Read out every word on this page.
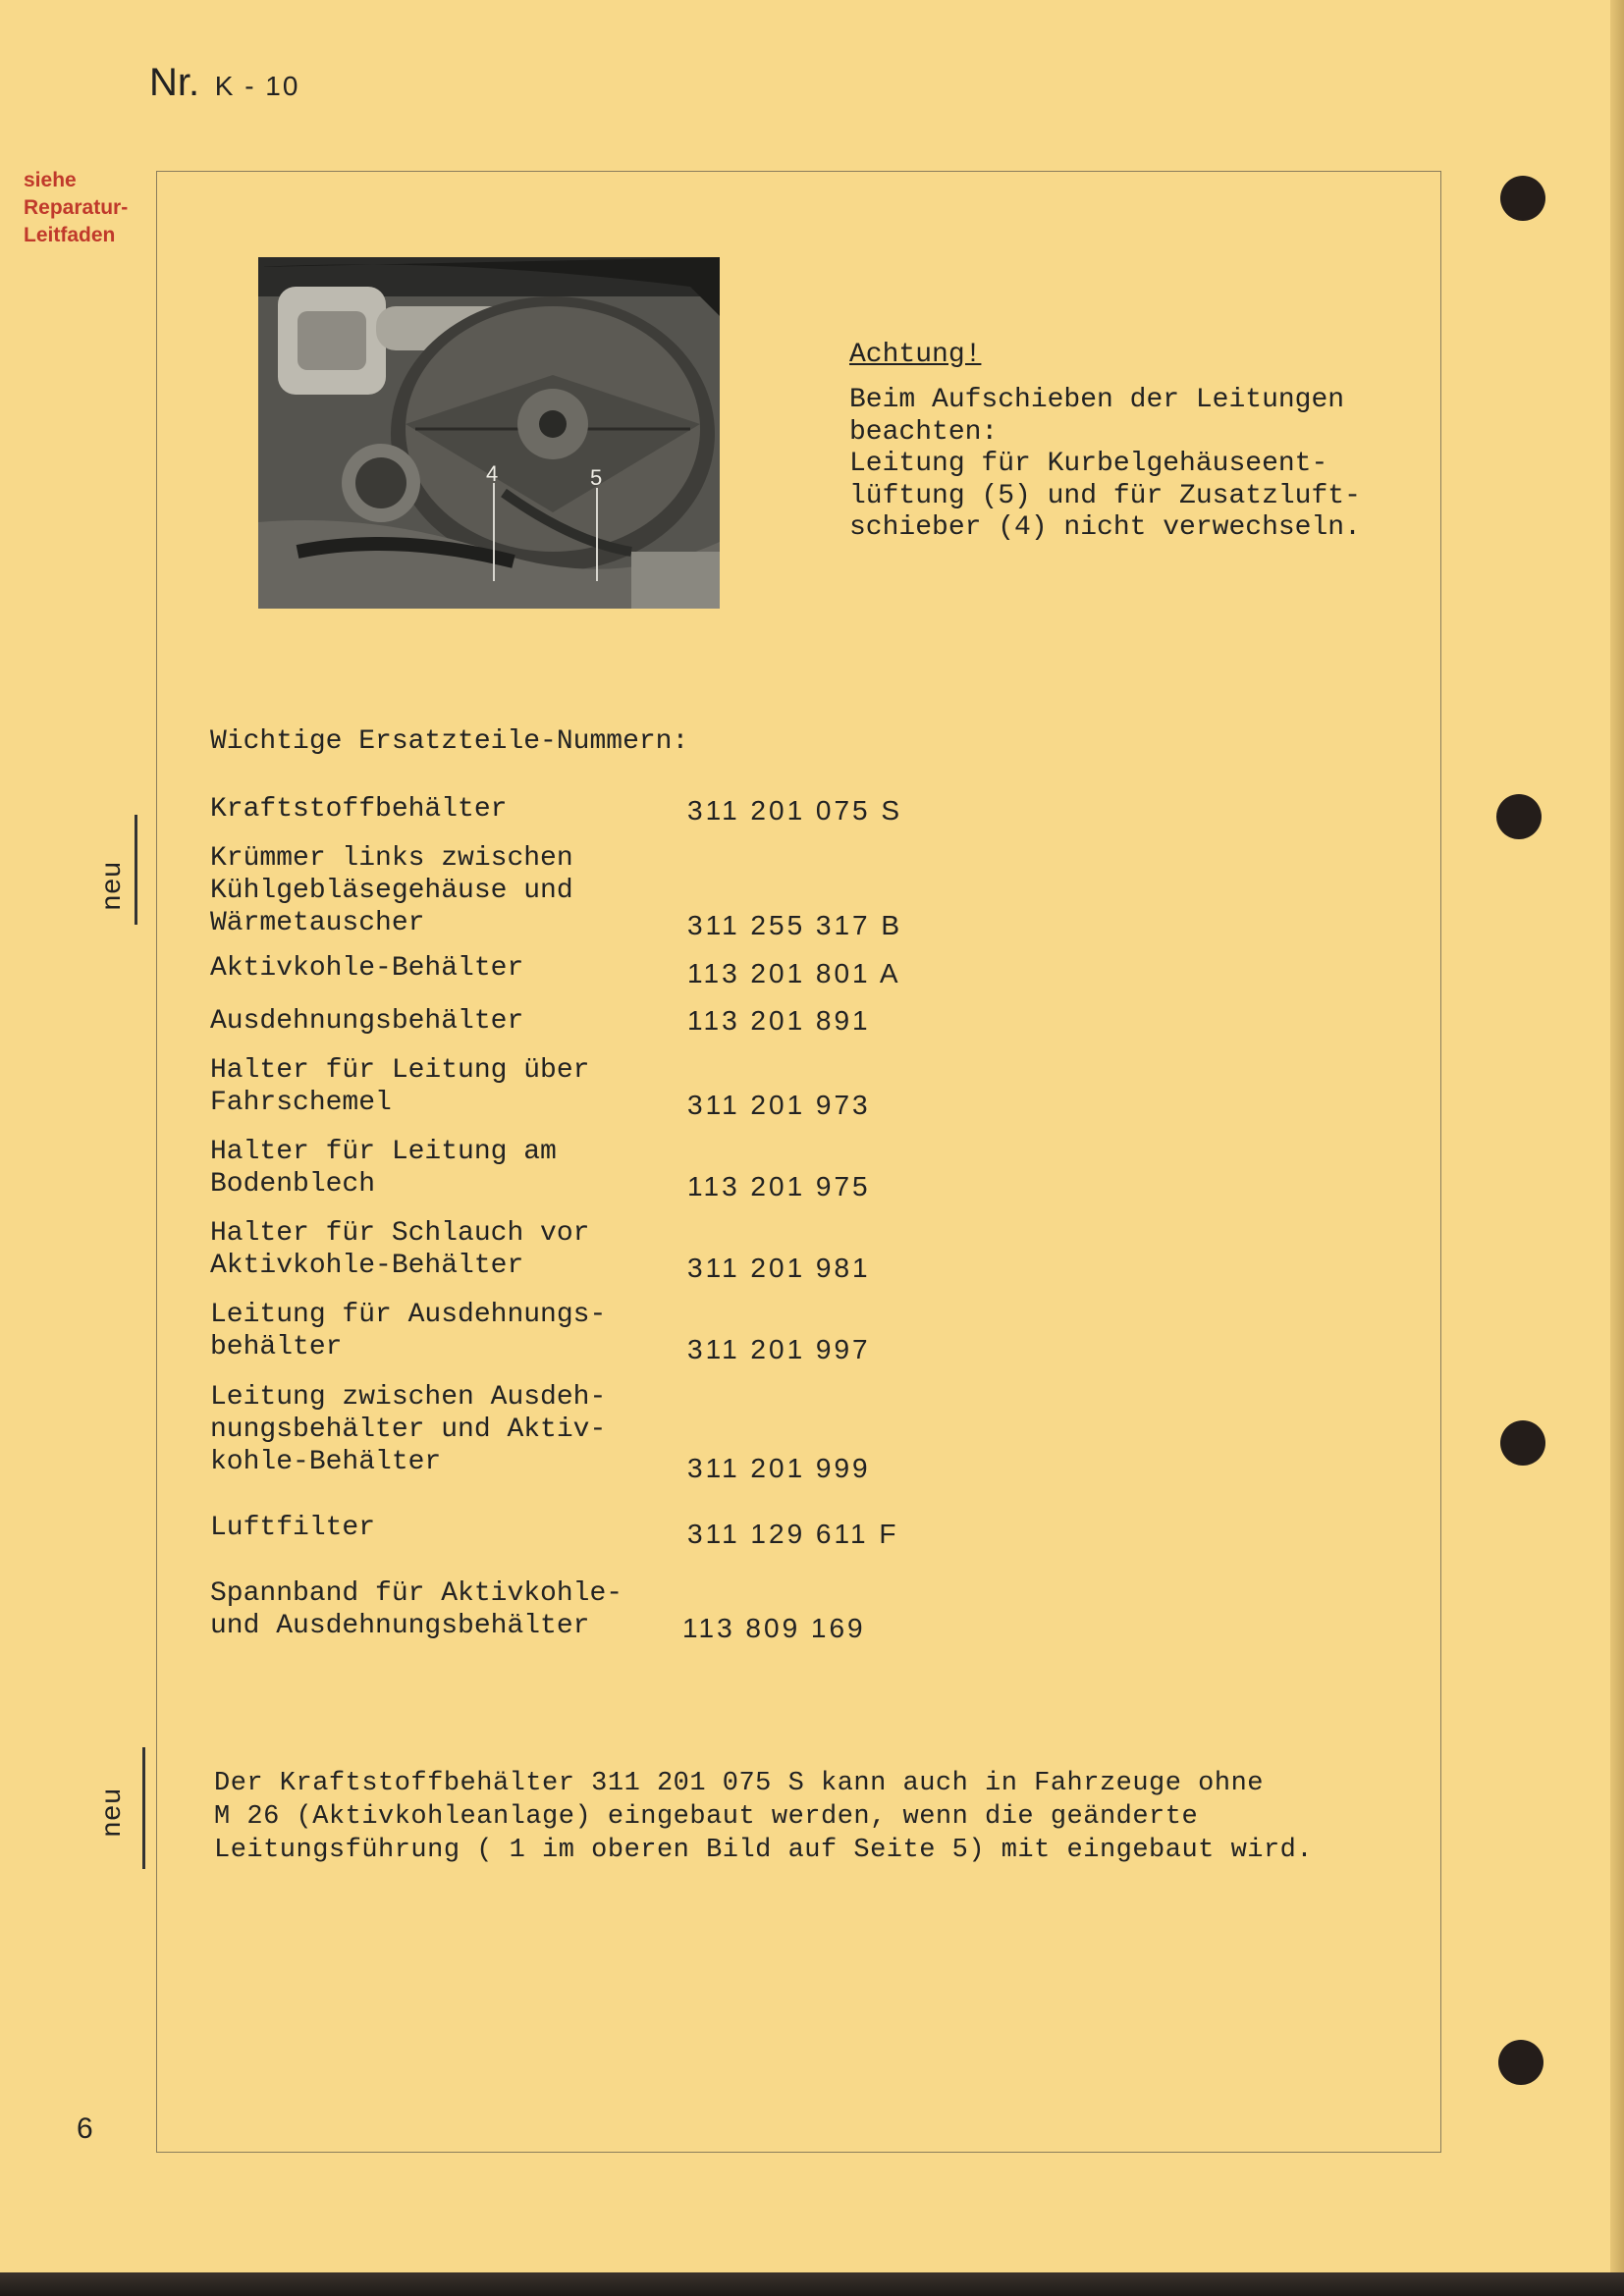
Nr. K - 10
siehe
Reparatur-
Leitfaden
4	5
Achtung!
Beim Aufschieben der Leitungen
beachten:
Leitung für Kurbelgehäuseent-
lüftung (5) und für Zusatzluft-
schieber (4) nicht verwechseln.
Wichtige Ersatzteile-Nummern:
Kraftstoffbehälter	311 201 075 S
Krümmer links zwischen
Kühlgebläsegehäuse und
Wärmetauscher	311 255 317 B
Aktivkohle-Behälter	113 201 801 A
Ausdehnungsbehälter	113 201 891
Halter für Leitung über
Fahrschemel	311 201 973
Halter für Leitung am
Bodenblech	113 201 975
Halter für Schlauch vor
Aktivkohle-Behälter	311 201 981
Leitung für Ausdehnungs-
behälter	311 201 997
Leitung zwischen Ausdeh-
nungsbehälter und Aktiv-
kohle-Behälter	311 201 999
Luftfilter	311 129 611 F
Spannband für Aktivkohle-
und Ausdehnungsbehälter	113 809 169
neu
neu
Der Kraftstoffbehälter 311 201 075 S kann auch in Fahrzeuge ohne
M 26 (Aktivkohleanlage) eingebaut werden, wenn die geänderte
Leitungsführung ( 1 im oberen Bild auf Seite 5) mit eingebaut wird.
6
